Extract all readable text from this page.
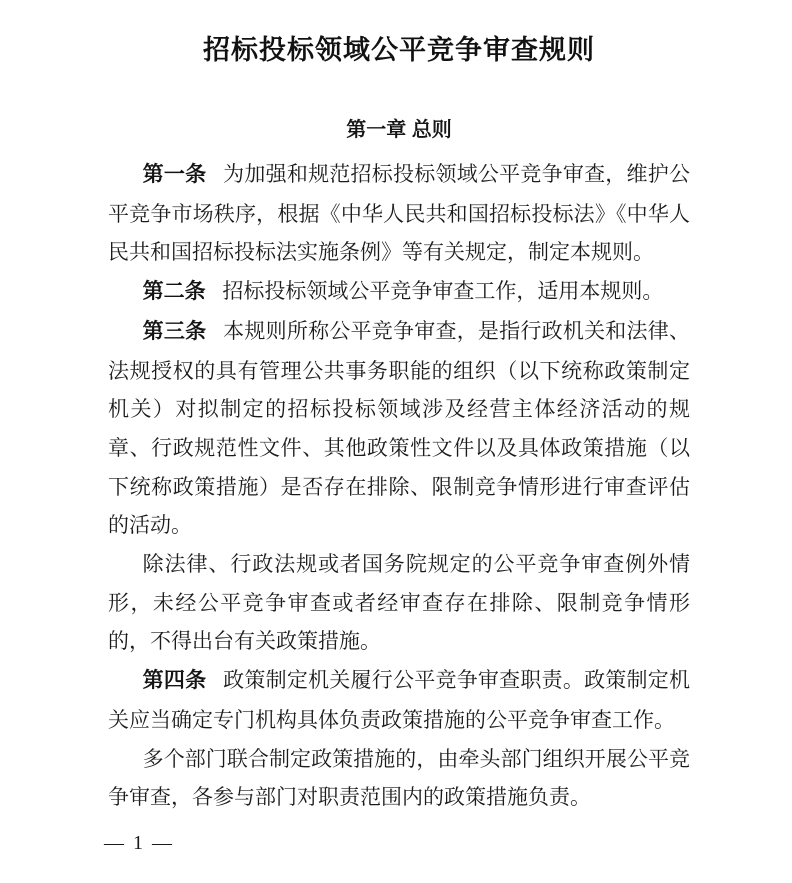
招标投标领域公平竞争审查规则
第一章 总则

第一条 为加强和规范招标投标领域公平竞争审查，维护公平竞争市场秩序，根据《中华人民共和国招标投标法》《中华人民共和国招标投标法实施条例》等有关规定，制定本规则。

第二条 招标投标领域公平竞争审查工作，适用本规则。

第三条 本规则所称公平竞争审查，是指行政机关和法律、法规授权的具有管理公共事务职能的组织（以下统称政策制定机关）对拟制定的招标投标领域涉及经营主体经济活动的规章、行政规范性文件、其他政策性文件以及具体政策措施（以下统称政策措施）是否存在排除、限制竞争情形进行审查评估的活动。

除法律、行政法规或者国务院规定的公平竞争审查例外情形，未经公平竞争审查或者经审查存在排除、限制竞争情形的，不得出台有关政策措施。

第四条 政策制定机关履行公平竞争审查职责。政策制定机关应当确定专门机构具体负责政策措施的公平竞争审查工作。

多个部门联合制定政策措施的，由牵头部门组织开展公平竞争审查，各参与部门对职责范围内的政策措施负责。

— 1 —
